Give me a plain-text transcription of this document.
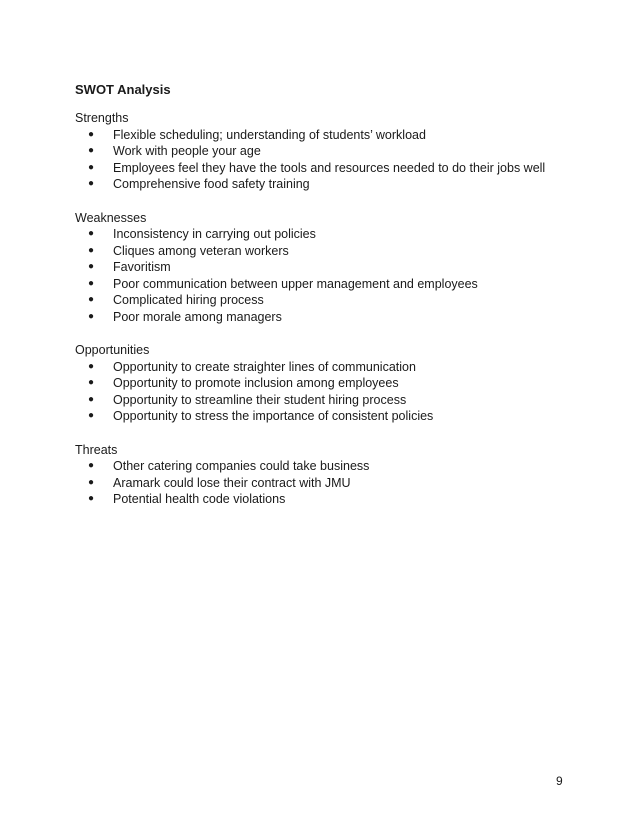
SWOT Analysis
Strengths
● Flexible scheduling; understanding of students’ workload
● Work with people your age
● Employees feel they have the tools and resources needed to do their jobs well
● Comprehensive food safety training
Weaknesses
● Inconsistency in carrying out policies
● Cliques among veteran workers
● Favoritism
● Poor communication between upper management and employees
● Complicated hiring process
● Poor morale among managers
Opportunities
● Opportunity to create straighter lines of communication
● Opportunity to promote inclusion among employees
● Opportunity to streamline their student hiring process
● Opportunity to stress the importance of consistent policies
Threats
● Other catering companies could take business
● Aramark could lose their contract with JMU
● Potential health code violations
9
